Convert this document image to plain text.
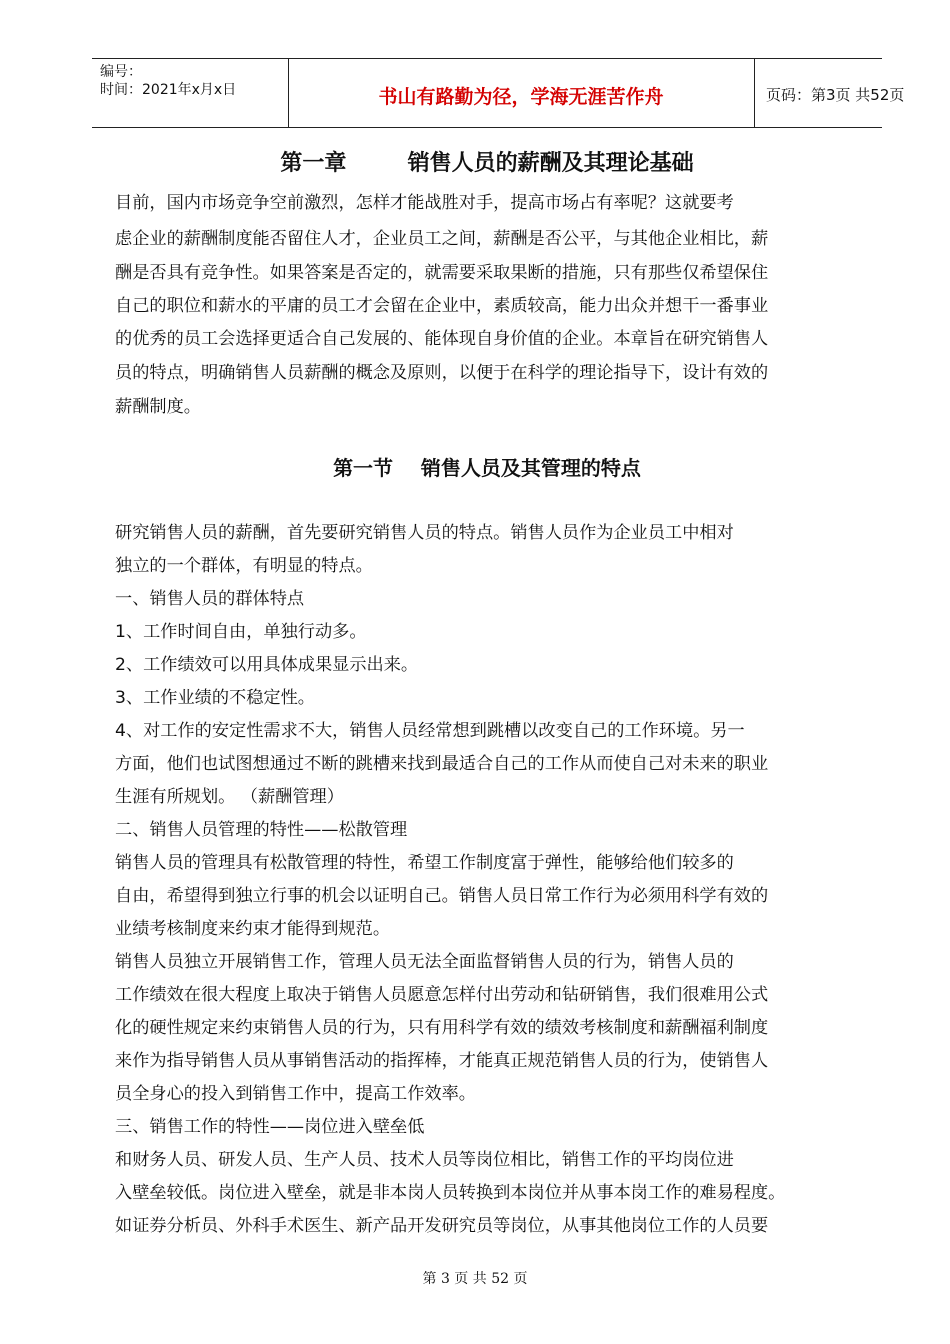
编号：
时间：2021年x月x日	书山有路勤为径，学海无涯苦作舟	页码：第3页 共52页
第一章        销售人员的薪酬及其理论基础
第一节    销售人员及其管理的特点
目前，国内市场竞争空前激烈，怎样才能战胜对手，提高市场占有率呢？这就要考
虑企业的薪酬制度能否留住人才，企业员工之间，薪酬是否公平，与其他企业相比，薪
酬是否具有竞争性。如果答案是否定的，就需要采取果断的措施，只有那些仅希望保住
自己的职位和薪水的平庸的员工才会留在企业中，素质较高，能力出众并想干一番事业
的优秀的员工会选择更适合自己发展的、能体现自身价值的企业。本章旨在研究销售人
员的特点，明确销售人员薪酬的概念及原则，以便于在科学的理论指导下，设计有效的
薪酬制度。
研究销售人员的薪酬，首先要研究销售人员的特点。销售人员作为企业员工中相对
独立的一个群体，有明显的特点。
一、销售人员的群体特点
1、工作时间自由，单独行动多。
2、工作绩效可以用具体成果显示出来。
3、工作业绩的不稳定性。
4、对工作的安定性需求不大，销售人员经常想到跳槽以改变自己的工作环境。另一
方面，他们也试图想通过不断的跳槽来找到最适合自己的工作从而使自己对未来的职业
生涯有所规划。 （薪酬管理）
二、销售人员管理的特性——松散管理
销售人员的管理具有松散管理的特性，希望工作制度富于弹性，能够给他们较多的
自由，希望得到独立行事的机会以证明自己。销售人员日常工作行为必须用科学有效的
业绩考核制度来约束才能得到规范。
销售人员独立开展销售工作，管理人员无法全面监督销售人员的行为，销售人员的
工作绩效在很大程度上取决于销售人员愿意怎样付出劳动和钻研销售，我们很难用公式
化的硬性规定来约束销售人员的行为，只有用科学有效的绩效考核制度和薪酬福利制度
来作为指导销售人员从事销售活动的指挥棒，才能真正规范销售人员的行为，使销售人
员全身心的投入到销售工作中，提高工作效率。
三、销售工作的特性——岗位进入壁垒低
和财务人员、研发人员、生产人员、技术人员等岗位相比，销售工作的平均岗位进
入壁垒较低。岗位进入壁垒，就是非本岗人员转换到本岗位并从事本岗工作的难易程度。
如证券分析员、外科手术医生、新产品开发研究员等岗位，从事其他岗位工作的人员要
第 3 页 共 52 页
